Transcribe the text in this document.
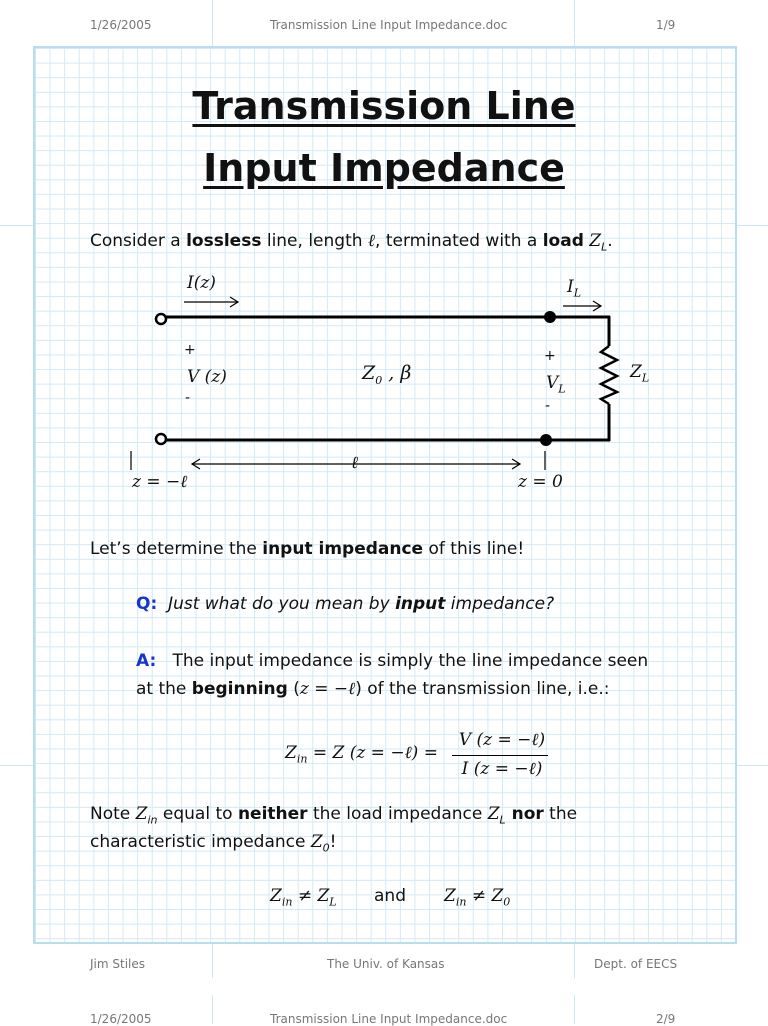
1/26/2005	Transmission Line Input Impedance.doc	1/9
Transmission Line
Input Impedance
Consider a lossless line, length ℓ, terminated with a load $Z_L$.
I(z)	$I_L$
+
V (z)
-
+
$V_L$
-
$Z_0$ , β	$Z_L$
ℓ
z = −ℓ	z = 0
Let’s determine the input impedance of this line!
Q: Just what do you mean by input impedance?
A: The input impedance is simply the line impedance seen
at the beginning (z = −ℓ) of the transmission line, i.e.:
$Z_{in} = Z$ (z = −ℓ) =
V (z = −ℓ)
I (z = −ℓ)
Note $Z_{in}$ equal to neither the load impedance $Z_L$ nor the
characteristic impedance $Z_0$!
$Z_{in} \ne Z_L$ and $Z_{in} \ne Z_0$
Jim Stiles	The Univ. of Kansas	Dept. of EECS
1/26/2005	Transmission Line Input Impedance.doc	2/9
